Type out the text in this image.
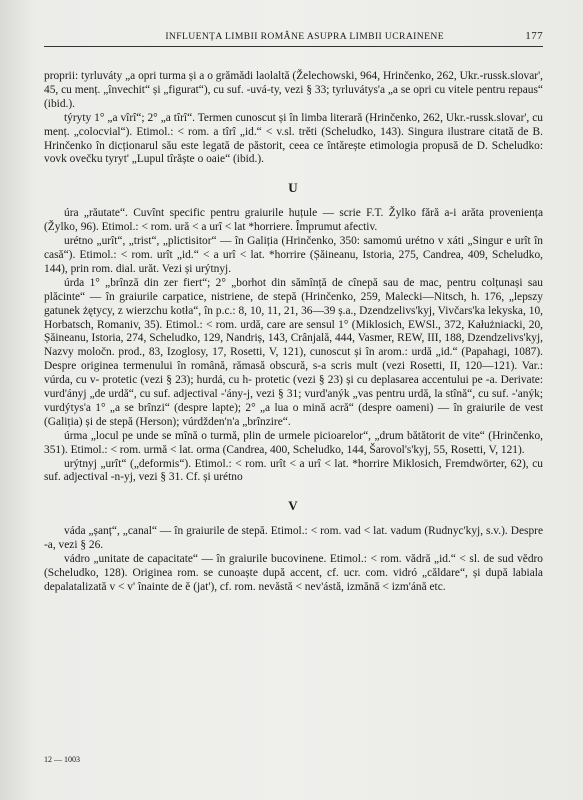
INFLUENȚA LIMBII ROMÂNE ASUPRA LIMBII UCRAINENE	177

proprii: tyrluváty „a opri turma și a o grămădi laolaltă (Želechowski, 964, Hrinčenko, 262, Ukr.-russk.slovar', 45, cu menț. „învechit“ și „figurat“), cu suf. -uvá-ty, vezi § 33; tyrluvátys'a „a se opri cu vitele pentru repaus“ (ibid.).

týryty 1° „a vîrî“; 2° „a tîrî“. Termen cunoscut și în limba literară (Hrinčenko, 262, Ukr.-russk.slovar', cu menț. „colocvial“). Etimol.: < rom. a tîrî „id.“ < v.sl. trĕti (Scheludko, 143). Singura ilustrare citată de B. Hrinčenko în dicționarul său este legată de păstorit, ceea ce întărește etimologia propusă de D. Scheludko: vovk ovečku tyryt' „Lupul tîrăște o oaie“ (ibid.).

U

úra „răutate“. Cuvînt specific pentru graiurile huțule — scrie F.T. Žylko fără a-i arăta proveniența (Žylko, 96). Etimol.: < rom. ură < a urî < lat *horriere. Împrumut afectiv.

urétno „urît“, „trist“, „plictisitor“ — în Galiția (Hrinčenko, 350: samomú urétno v xáti „Singur e urît în casă“). Etimol.: < rom. urît „id.“ < a urî < lat. *horrire (Șăineanu, Istoria, 275, Candrea, 409, Scheludko, 144), prin rom. dial. urăt. Vezi și urýtnyj.

úrda 1° „brînză din zer fiert“; 2° „borhot din sămînță de cînepă sau de mac, pentru colțunași sau plăcinte“ — în graiurile carpatice, nistriene, de stepă (Hrinčenko, 259, Malecki—Nitsch, h. 176, „lepszy gatunek żętycy, z wierzchu kotła“, în p.c.: 8, 10, 11, 21, 36—39 ș.a., Dzendzelivs'kyj, Vivčars'ka lekyska, 10, Horbatsch, Romaniv, 35). Etimol.: < rom. urdă, care are sensul 1° (Miklosich, EWSl., 372, Kałużniacki, 20, Șăineanu, Istoria, 274, Scheludko, 129, Nandriș, 143, Crânjală, 444, Vasmer, REW, III, 188, Dzendzelivs'kyj, Nazvy moločn. prod., 83, Izoglosy, 17, Rosetti, V, 121), cunoscut și în arom.: urdă „id.“ (Papahagi, 1087). Despre originea termenului în română, rămasă obscură, s-a scris mult (vezi Rosetti, II, 120—121). Var.: vúrda, cu v- protetic (vezi § 23); hurdá, cu h- protetic (vezi § 23) și cu deplasarea accentului pe -a. Derivate: vurd'ányj „de urdă“, cu suf. adjectival -'ány-j, vezi § 31; vurd'anýk „vas pentru urdă, la stînă“, cu suf. -'anýk; vurdýtys'a 1° „a se brînzi“ (despre lapte); 2° „a lua o mină acră“ (despre oameni) — în graiurile de vest (Galiția) și de stepă (Herson); vúrdžden'n'a „brînzire“.

úrma „locul pe unde se mînă o turmă, plin de urmele picioarelor“, „drum bătătorit de vite“ (Hrinčenko, 351). Etimol.: < rom. urmă < lat. orma (Candrea, 400, Scheludko, 144, Šarovol's'kyj, 55, Rosetti, V, 121).

urýtnyj „urît“ („deformis“). Etimol.: < rom. urît < a urî < lat. *horrire Miklosich, Fremdwörter, 62), cu suf. adjectival -n-yj, vezi § 31. Cf. și urétno

V

váda „șanț“, „canal“ — în graiurile de stepă. Etimol.: < rom. vad < lat. vadum (Rudnyc'kyj, s.v.). Despre -a, vezi § 26.

vádro „unitate de capacitate“ — în graiurile bucovinene. Etimol.: < rom. vădră „id.“ < sl. de sud vĕdro (Scheludko, 128). Originea rom. se cunoaște după accent, cf. ucr. com. vidró „căldare“, și după labiala depalatalizată v < v' înainte de ĕ (jat'), cf. rom. nevăstă < nev'ástă, izmănă < izm'ánă etc.

12 — 1003
